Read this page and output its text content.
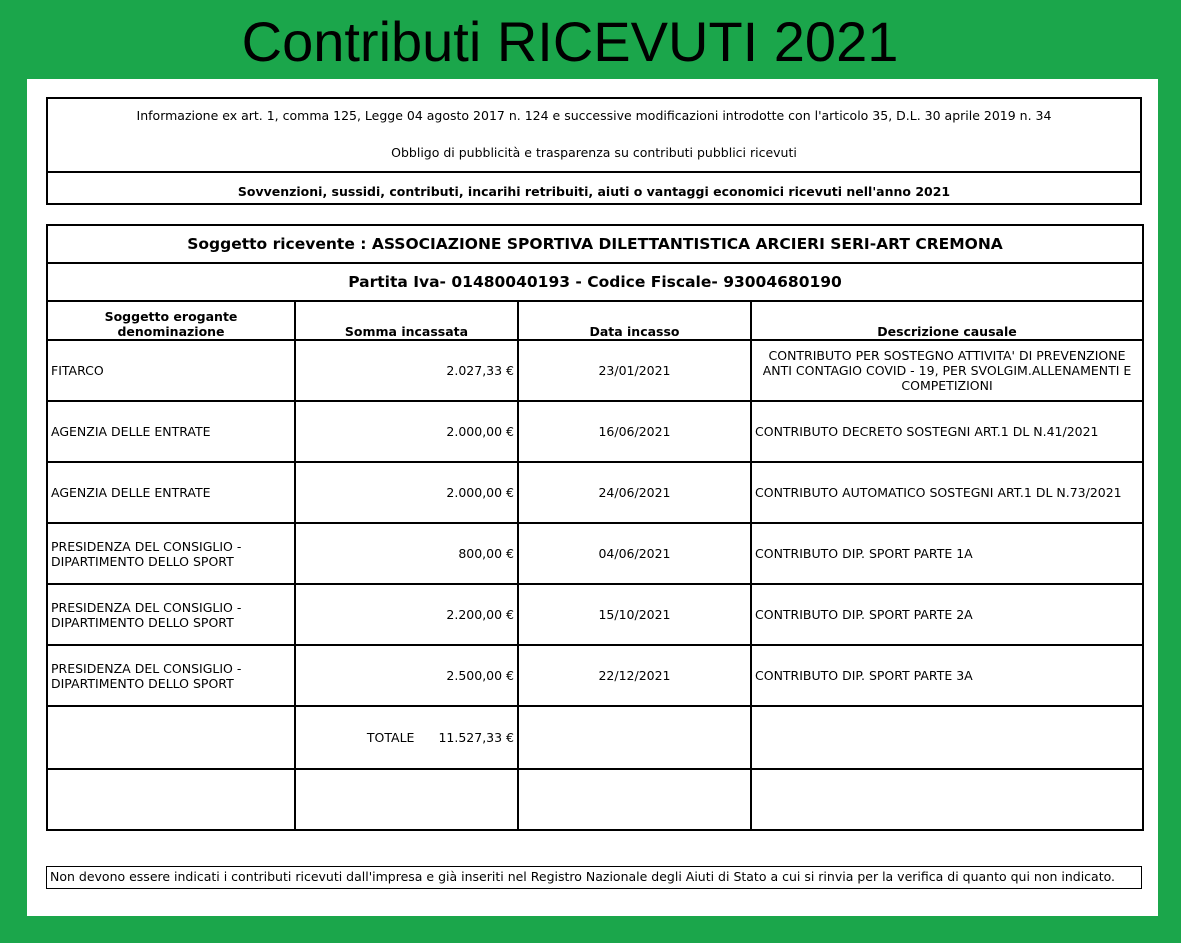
Contributi RICEVUTI 2021
Informazione ex art. 1, comma 125, Legge 04 agosto 2017 n. 124 e successive modificazioni introdotte con l'articolo 35, D.L. 30 aprile 2019 n. 34
Obbligo di pubblicità e trasparenza su contributi pubblici ricevuti
Sovvenzioni, sussidi, contributi, incarihi retribuiti, aiuti o vantaggi economici ricevuti nell'anno 2021
Soggetto ricevente : ASSOCIAZIONE SPORTIVA DILETTANTISTICA ARCIERI SERI-ART CREMONA			
Partita Iva- 01480040193 - Codice Fiscale- 93004680190			
Soggetto erogante denominazione	Somma incassata	Data incasso	Descrizione causale
FITARCO	2.027,33 €	23/01/2021	CONTRIBUTO PER SOSTEGNO ATTIVITA' DI PREVENZIONE ANTI CONTAGIO COVID - 19, PER SVOLGIM.ALLENAMENTI E COMPETIZIONI
AGENZIA DELLE ENTRATE	2.000,00 €	16/06/2021	CONTRIBUTO DECRETO SOSTEGNI ART.1 DL N.41/2021
AGENZIA DELLE ENTRATE	2.000,00 €	24/06/2021	CONTRIBUTO AUTOMATICO SOSTEGNI ART.1 DL N.73/2021
PRESIDENZA DEL CONSIGLIO -
DIPARTIMENTO DELLO SPORT	800,00 €	04/06/2021	CONTRIBUTO DIP. SPORT PARTE 1A
PRESIDENZA DEL CONSIGLIO -
DIPARTIMENTO DELLO SPORT	2.200,00 €	15/10/2021	CONTRIBUTO DIP. SPORT PARTE 2A
PRESIDENZA DEL CONSIGLIO -
DIPARTIMENTO DELLO SPORT	2.500,00 €	22/12/2021	CONTRIBUTO DIP. SPORT PARTE 3A
	TOTALE 11.527,33 €		

Non devono essere indicati i contributi ricevuti dall'impresa e già inseriti nel Registro Nazionale degli Aiuti di Stato a cui si rinvia per la verifica di quanto qui non indicato.
